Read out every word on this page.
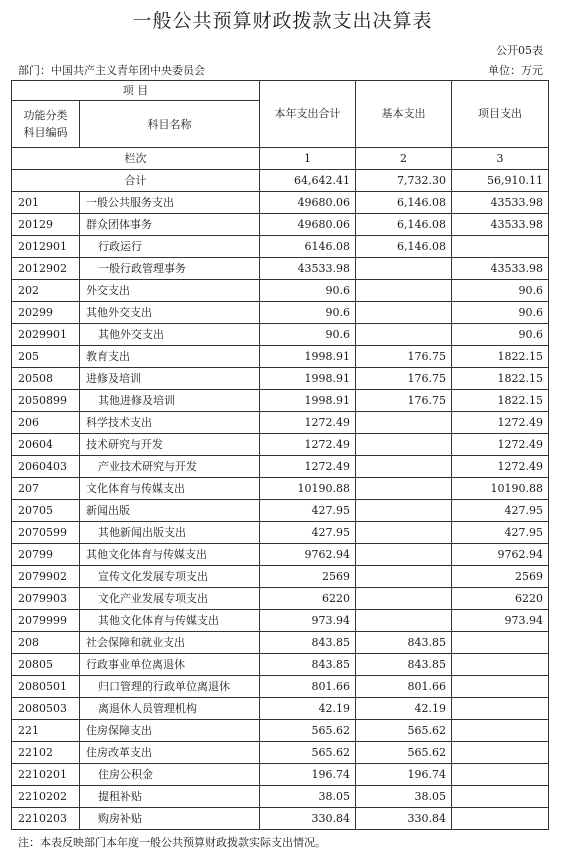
一般公共预算财政拨款支出决算表
公开05表
部门：中国共产主义青年团中央委员会	单位：万元
项 目		本年支出合计	基本支出	项目支出
功能分类
科目编码	科目名称			
栏次		1	2	3
合计		64,642.41	7,732.30	56,910.11
201	一般公共服务支出	49680.06	6,146.08	43533.98
20129	群众团体事务	49680.06	6,146.08	43533.98
2012901	行政运行	6146.08	6,146.08	
2012902	一般行政管理事务	43533.98		43533.98
202	外交支出	90.6		90.6
20299	其他外交支出	90.6		90.6
2029901	其他外交支出	90.6		90.6
205	教育支出	1998.91	176.75	1822.15
20508	进修及培训	1998.91	176.75	1822.15
2050899	其他进修及培训	1998.91	176.75	1822.15
206	科学技术支出	1272.49		1272.49
20604	技术研究与开发	1272.49		1272.49
2060403	产业技术研究与开发	1272.49		1272.49
207	文化体育与传媒支出	10190.88		10190.88
20705	新闻出版	427.95		427.95
2070599	其他新闻出版支出	427.95		427.95
20799	其他文化体育与传媒支出	9762.94		9762.94
2079902	宣传文化发展专项支出	2569		2569
2079903	文化产业发展专项支出	6220		6220
2079999	其他文化体育与传媒支出	973.94		973.94
208	社会保障和就业支出	843.85	843.85	
20805	行政事业单位离退休	843.85	843.85	
2080501	归口管理的行政单位离退休	801.66	801.66	
2080503	离退休人员管理机构	42.19	42.19	
221	住房保障支出	565.62	565.62	
22102	住房改革支出	565.62	565.62	
2210201	住房公积金	196.74	196.74	
2210202	提租补贴	38.05	38.05	
2210203	购房补贴	330.84	330.84	
注：本表反映部门本年度一般公共预算财政拨款实际支出情况。
